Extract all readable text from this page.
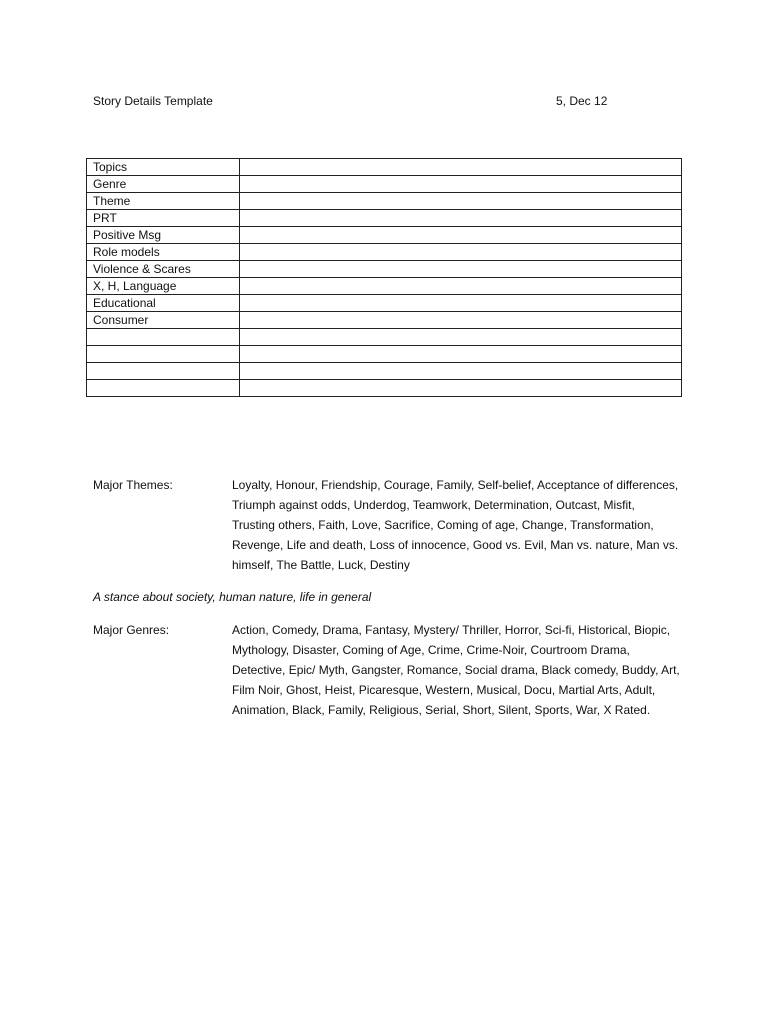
Story Details Template	5, Dec 12
Topics	
Genre	
Theme	
PRT	
Positive Msg	
Role models	
Violence & Scares	
X, H, Language	
Educational	
Consumer	

Major Themes:	Loyalty, Honour, Friendship, Courage, Family, Self-belief, Acceptance of differences, Triumph against odds, Underdog, Teamwork, Determination, Outcast, Misfit, Trusting others, Faith, Love, Sacrifice, Coming of age, Change, Transformation, Revenge, Life and death, Loss of innocence, Good vs. Evil, Man vs. nature, Man vs. himself, The Battle, Luck, Destiny
A stance about society, human nature, life in general
Major Genres:	Action, Comedy, Drama, Fantasy, Mystery/ Thriller, Horror, Sci-fi, Historical, Biopic, Mythology, Disaster, Coming of Age, Crime, Crime-Noir, Courtroom Drama, Detective, Epic/ Myth, Gangster, Romance, Social drama, Black comedy, Buddy, Art, Film Noir, Ghost, Heist, Picaresque, Western, Musical, Docu, Martial Arts, Adult, Animation, Black, Family, Religious, Serial, Short, Silent, Sports, War, X Rated.
